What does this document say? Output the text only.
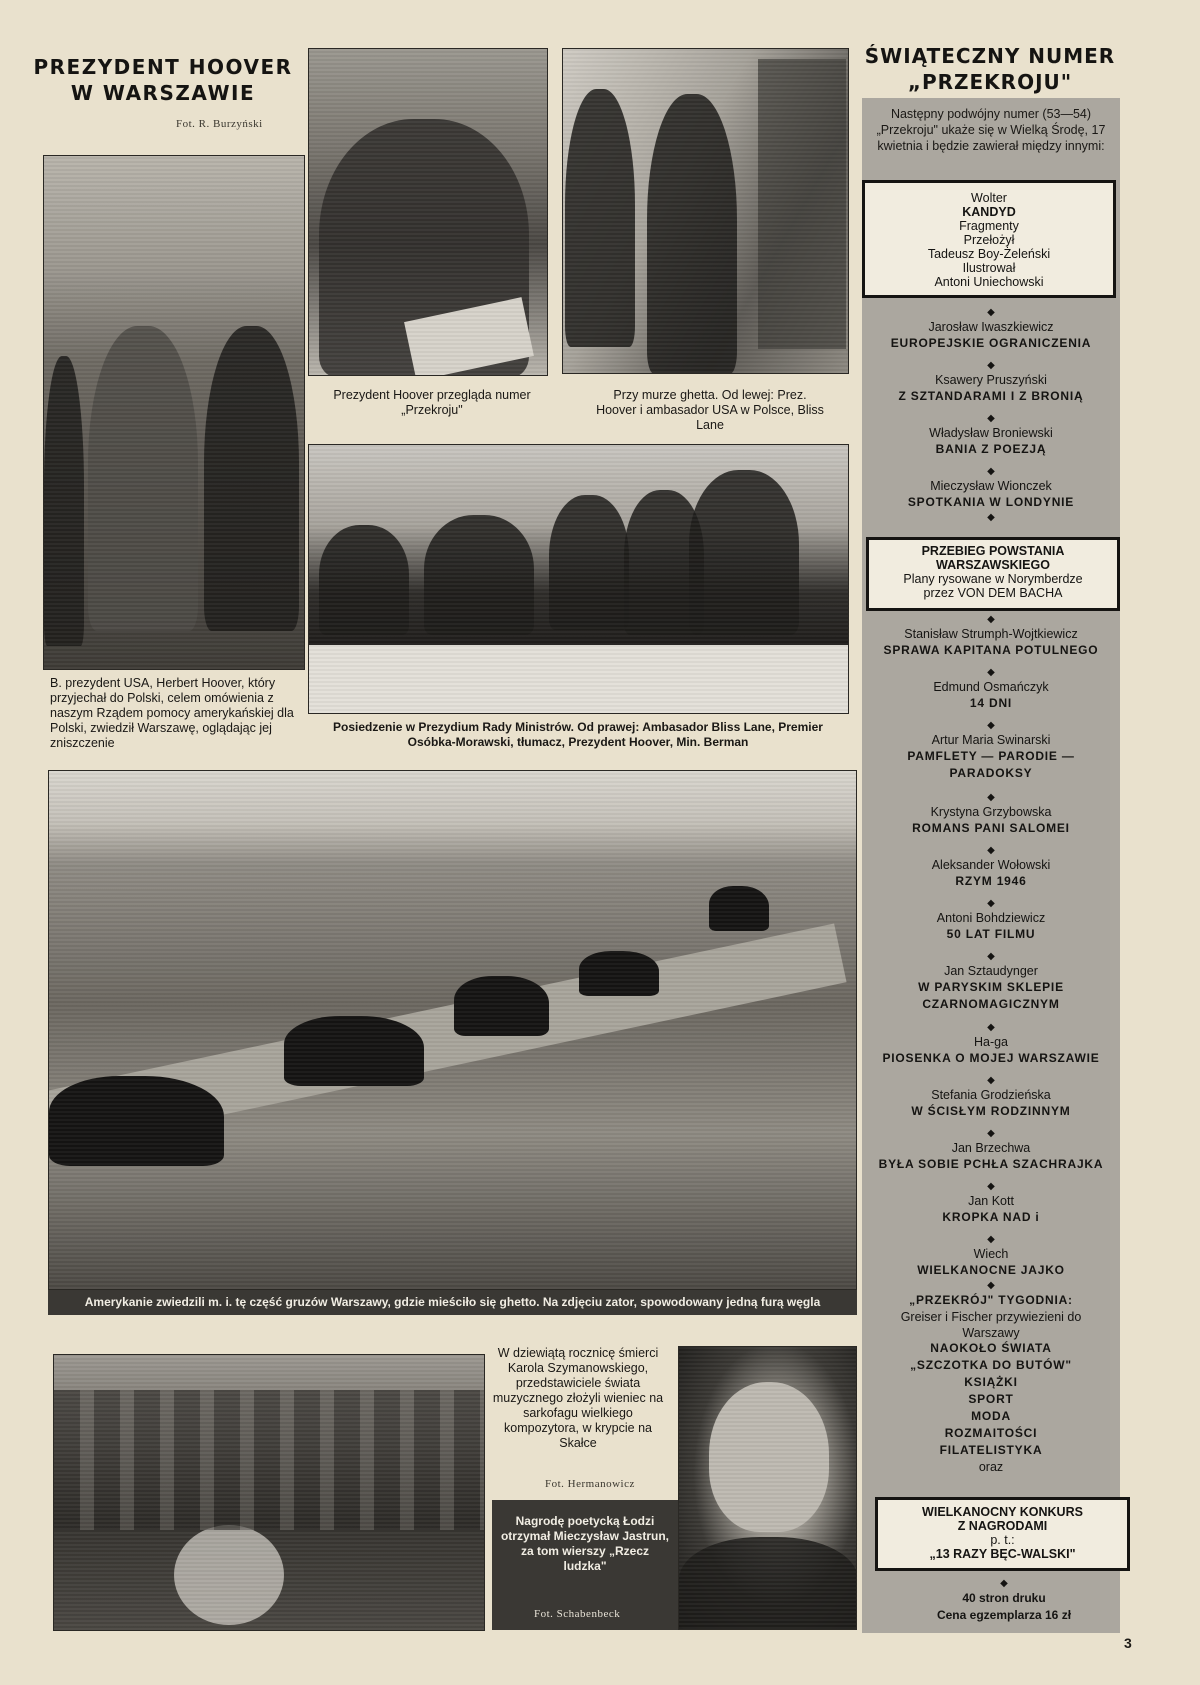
PREZYDENT HOOVER
W WARSZAWIE
Fot. R. Burzyński
B. prezydent USA, Herbert Hoover, który przyjechał do Polski, celem omówienia z naszym Rządem pomocy amerykańskiej dla Polski, zwiedził Warszawę, oglądając jej zniszczenie
Prezydent Hoover przegląda numer „Przekroju"
Przy murze ghetta. Od lewej: Prez. Hoover i ambasador USA w Polsce, Bliss Lane
Posiedzenie w Prezydium Rady Ministrów. Od prawej: Ambasador Bliss Lane, Premier Osóbka-Morawski, tłumacz, Prezydent Hoover, Min. Berman
Amerykanie zwiedzili m. i. tę część gruzów Warszawy, gdzie mieściło się ghetto. Na zdjęciu zator, spowodowany jedną furą węgla
W dziewiątą rocznicę śmierci Karola Szymanowskiego, przedstawiciele świata muzycznego złożyli wieniec na sarkofagu wielkiego kompozytora, w krypcie na Skałce
Fot. Hermanowicz
Nagrodę poetycką Łodzi otrzymał Mieczysław Jastrun, za tom wierszy „Rzecz ludzka"
Fot. Schabenbeck
ŚWIĄTECZNY NUMER
„PRZEKROJU"
Następny podwójny numer (53—54) „Przekroju" ukaże się w Wielką Środę, 17 kwietnia i będzie zawierał między innymi:
Wolter
KANDYD
Fragmenty
Przełożył
Tadeusz Boy-Żeleński
Ilustrował
Antoni Uniechowski
◆
Jarosław Iwaszkiewicz
EUROPEJSKIE OGRANICZENIA
◆
Ksawery Pruszyński
Z SZTANDARAMI I Z BRONIĄ
◆
Władysław Broniewski
BANIA Z POEZJĄ
◆
Mieczysław Wionczek
SPOTKANIA W LONDYNIE
◆
PRZEBIEG POWSTANIA
WARSZAWSKIEGO
Plany rysowane w Norymberdze
przez VON DEM BACHA
◆
Stanisław Strumph-Wojtkiewicz
SPRAWA KAPITANA POTULNEGO
◆
Edmund Osmańczyk
14 DNI
◆
Artur Maria Swinarski
PAMFLETY — PARODIE — PARADOKSY
◆
Krystyna Grzybowska
ROMANS PANI SALOMEI
◆
Aleksander Wołowski
RZYM 1946
◆
Antoni Bohdziewicz
50 LAT FILMU
◆
Jan Sztaudynger
W PARYSKIM SKLEPIE CZARNOMAGICZNYM
◆
Ha-ga
PIOSENKA O MOJEJ WARSZAWIE
◆
Stefania Grodzieńska
W ŚCISŁYM RODZINNYM
◆
Jan Brzechwa
BYŁA SOBIE PCHŁA SZACHRAJKA
◆
Jan Kott
KROPKA NAD i
◆
Wiech
WIELKANOCNE JAJKO
◆
„PRZEKRÓJ" TYGODNIA:
Greiser i Fischer przywiezieni do Warszawy
NAOKOŁO ŚWIATA
„SZCZOTKA DO BUTÓW"
KSIĄŻKI
SPORT
MODA
ROZMAITOŚCI
FILATELISTYKA
oraz
WIELKANOCNY KONKURS
Z NAGRODAMI
p. t.:
„13 RAZY BĘC-WALSKI"
◆
40 stron druku
Cena egzemplarza 16 zł
3
